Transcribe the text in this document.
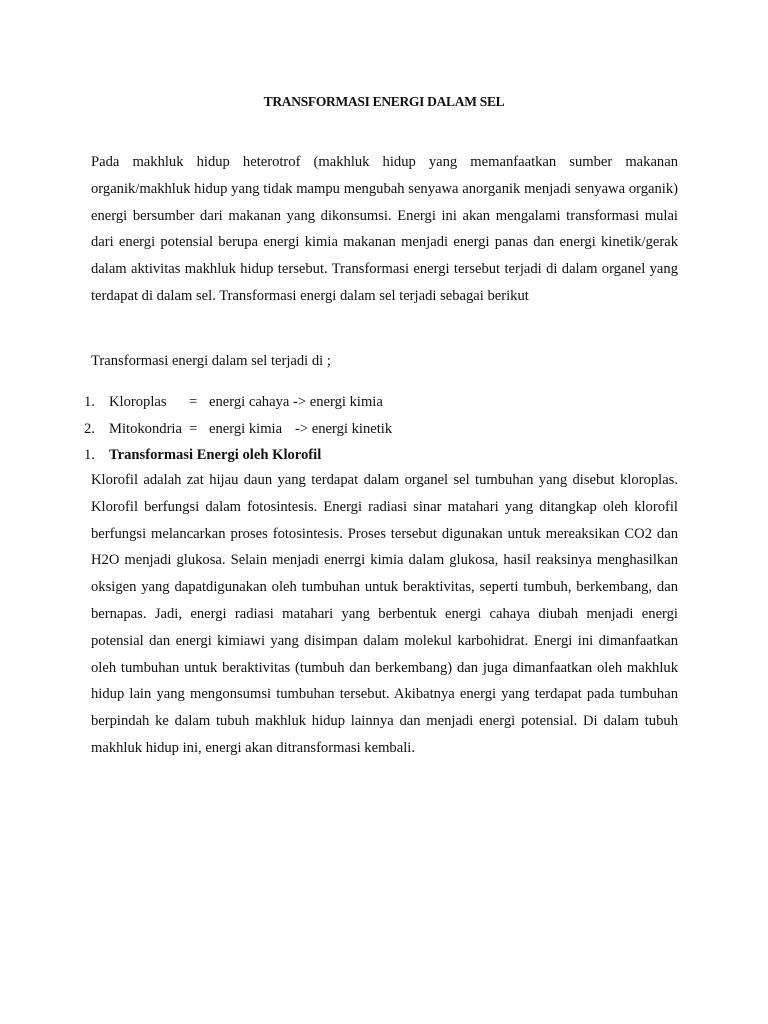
TRANSFORMASI ENERGI DALAM SEL

Pada makhluk hidup heterotrof (makhluk hidup yang memanfaatkan sumber makanan organik/makhluk hidup yang tidak mampu mengubah senyawa anorganik menjadi senyawa organik) energi bersumber dari makanan yang dikonsumsi. Energi ini akan mengalami transformasi mulai dari energi potensial berupa energi kimia makanan menjadi energi panas dan energi kinetik/gerak dalam aktivitas makhluk hidup tersebut. Transformasi energi tersebut terjadi di dalam organel yang terdapat di dalam sel. Transformasi energi dalam sel terjadi sebagai berikut

Transformasi energi dalam sel terjadi di ;

1. Kloroplas = energi cahaya -> energi kimia
2. Mitokondria = energi kimia -> energi kinetik
1. Transformasi Energi oleh Klorofil

Klorofil adalah zat hijau daun yang terdapat dalam organel sel tumbuhan yang disebut kloroplas. Klorofil berfungsi dalam fotosintesis. Energi radiasi sinar matahari yang ditangkap oleh klorofil berfungsi melancarkan proses fotosintesis. Proses tersebut digunakan untuk mereaksikan CO2 dan H2O menjadi glukosa. Selain menjadi enerrgi kimia dalam glukosa, hasil reaksinya menghasilkan oksigen yang dapatdigunakan oleh tumbuhan untuk beraktivitas, seperti tumbuh, berkembang, dan bernapas. Jadi, energi radiasi matahari yang berbentuk energi cahaya diubah menjadi energi potensial dan energi kimiawi yang disimpan dalam molekul karbohidrat. Energi ini dimanfaatkan oleh tumbuhan untuk beraktivitas (tumbuh dan berkembang) dan juga dimanfaatkan oleh makhluk hidup lain yang mengonsumsi tumbuhan tersebut. Akibatnya energi yang terdapat pada tumbuhan berpindah ke dalam tubuh makhluk hidup lainnya dan menjadi energi potensial. Di dalam tubuh makhluk hidup ini, energi akan ditransformasi kembali.
